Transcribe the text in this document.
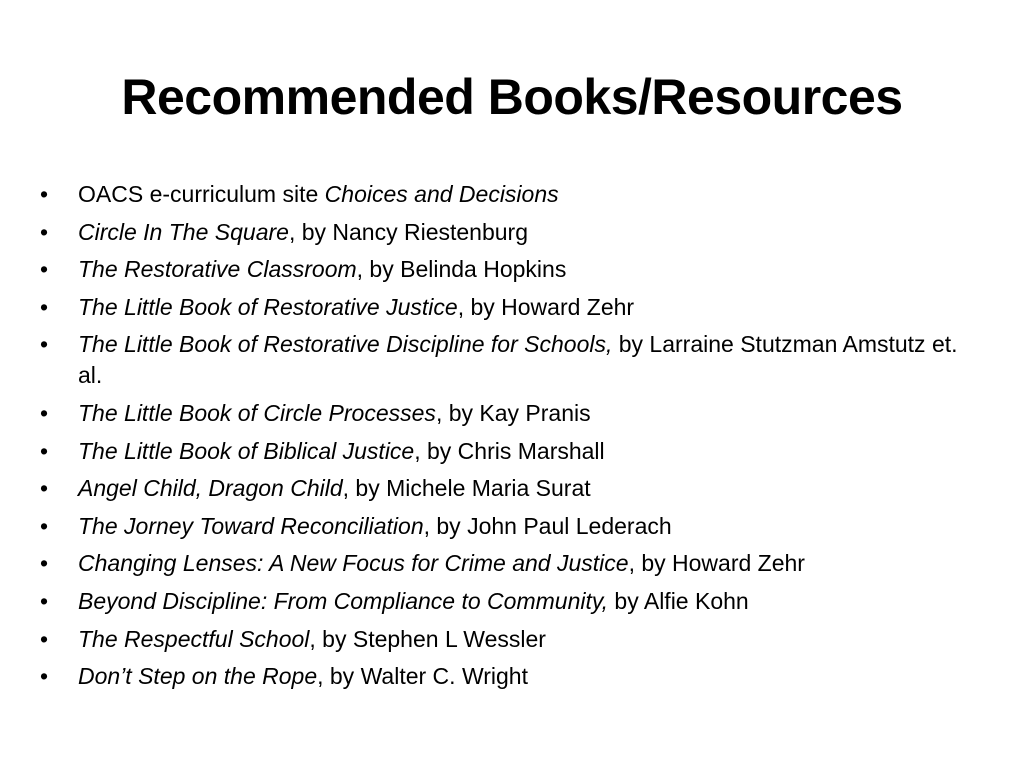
Recommended Books/Resources
• OACS e-curriculum site Choices and Decisions
• Circle In The Square, by Nancy Riestenburg
• The Restorative Classroom, by Belinda Hopkins
• The Little Book of Restorative Justice, by Howard Zehr
• The Little Book of Restorative Discipline for Schools, by Larraine Stutzman Amstutz et. al.
• The Little Book of Circle Processes, by Kay Pranis
• The Little Book of Biblical Justice, by Chris Marshall
• Angel Child, Dragon Child, by Michele Maria Surat
• The Jorney Toward Reconciliation, by John Paul Lederach
• Changing Lenses: A New Focus for Crime and Justice, by Howard Zehr
• Beyond Discipline: From Compliance to Community, by Alfie Kohn
• The Respectful School, by Stephen L Wessler
• Don’t Step on the Rope, by Walter C. Wright
